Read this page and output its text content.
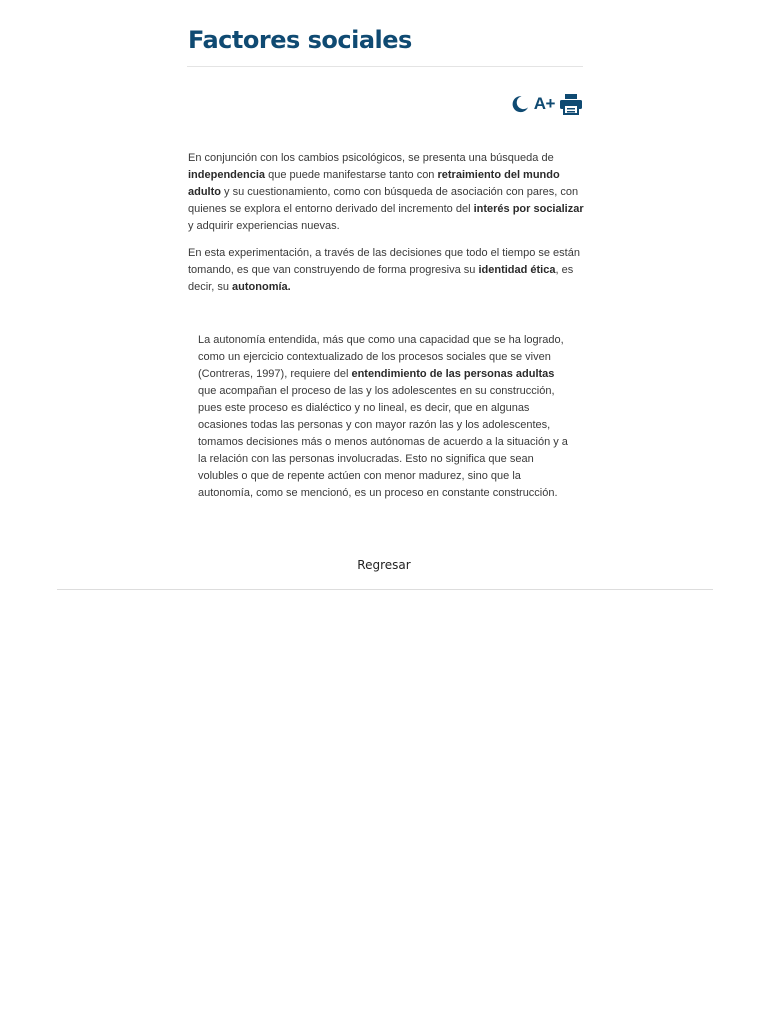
Factores sociales
A+

En conjunción con los cambios psicológicos, se presenta una búsqueda de independencia que puede manifestarse tanto con retraimiento del mundo adulto y su cuestionamiento, como con búsqueda de asociación con pares, con quienes se explora el entorno derivado del incremento del interés por socializar y adquirir experiencias nuevas.

En esta experimentación, a través de las decisiones que todo el tiempo se están tomando, es que van construyendo de forma progresiva su identidad ética, es decir, su autonomía.

La autonomía entendida, más que como una capacidad que se ha logrado, como un ejercicio contextualizado de los procesos sociales que se viven (Contreras, 1997), requiere del entendimiento de las personas adultas que acompañan el proceso de las y los adolescentes en su construcción, pues este proceso es dialéctico y no lineal, es decir, que en algunas ocasiones todas las personas y con mayor razón las y los adolescentes, tomamos decisiones más o menos autónomas de acuerdo a la situación y a la relación con las personas involucradas. Esto no significa que sean volubles o que de repente actúen con menor madurez, sino que la autonomía, como se mencionó, es un proceso en constante construcción.

Regresar
